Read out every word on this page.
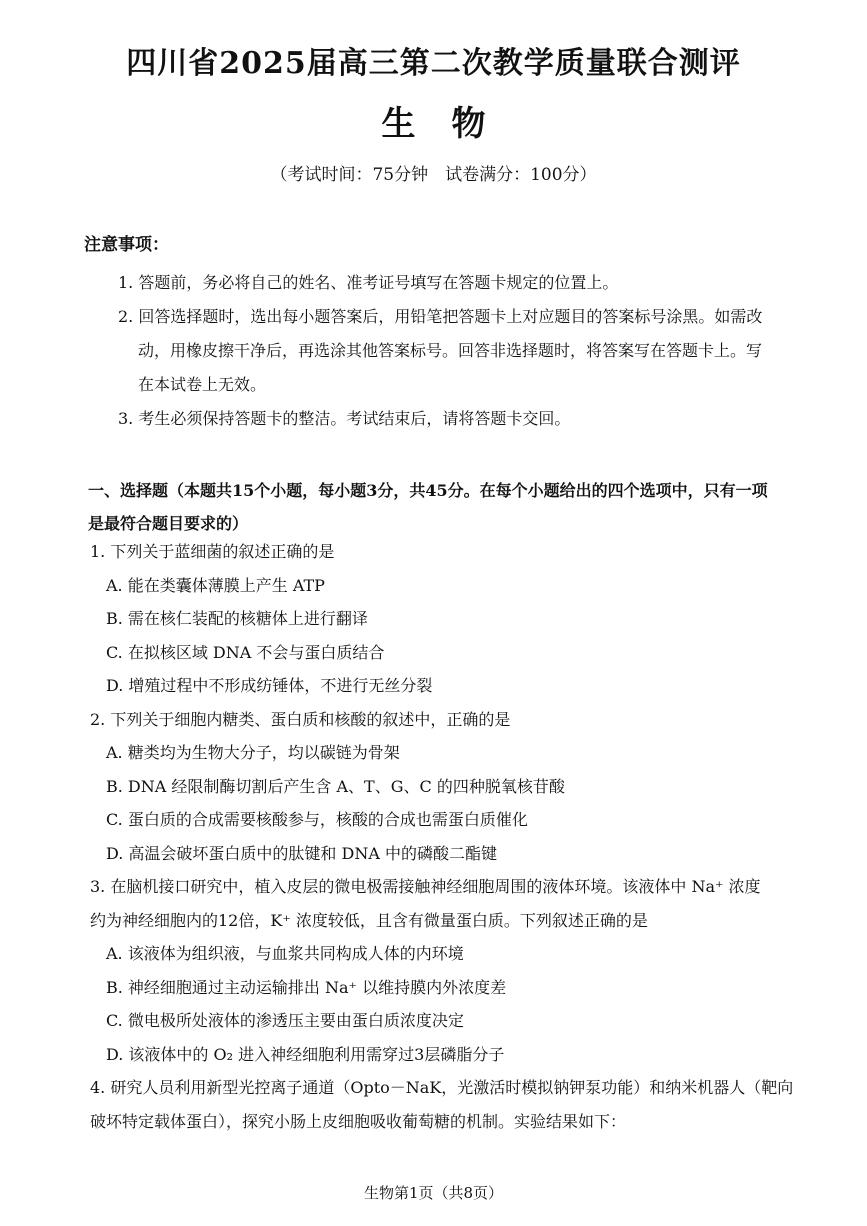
四川省2025届高三第二次教学质量联合测评
生物
（考试时间：75分钟　试卷满分：100分）
注意事项：
1. 答题前，务必将自己的姓名、准考证号填写在答题卡规定的位置上。
2. 回答选择题时，选出每小题答案后，用铅笔把答题卡上对应题目的答案标号涂黑。如需改
动，用橡皮擦干净后，再选涂其他答案标号。回答非选择题时，将答案写在答题卡上。写
在本试卷上无效。
3. 考生必须保持答题卡的整洁。考试结束后，请将答题卡交回。
一、选择题（本题共15个小题，每小题3分，共45分。在每个小题给出的四个选项中，只有一项
是最符合题目要求的）
1. 下列关于蓝细菌的叙述正确的是
A. 能在类囊体薄膜上产生 ATP
B. 需在核仁装配的核糖体上进行翻译
C. 在拟核区域 DNA 不会与蛋白质结合
D. 增殖过程中不形成纺锤体，不进行无丝分裂
2. 下列关于细胞内糖类、蛋白质和核酸的叙述中，正确的是
A. 糖类均为生物大分子，均以碳链为骨架
B. DNA 经限制酶切割后产生含 A、T、G、C 的四种脱氧核苷酸
C. 蛋白质的合成需要核酸参与，核酸的合成也需蛋白质催化
D. 高温会破坏蛋白质中的肽键和 DNA 中的磷酸二酯键
3. 在脑机接口研究中，植入皮层的微电极需接触神经细胞周围的液体环境。该液体中 Na⁺ 浓度
约为神经细胞内的12倍，K⁺ 浓度较低，且含有微量蛋白质。下列叙述正确的是
A. 该液体为组织液，与血浆共同构成人体的内环境
B. 神经细胞通过主动运输排出 Na⁺ 以维持膜内外浓度差
C. 微电极所处液体的渗透压主要由蛋白质浓度决定
D. 该液体中的 O₂ 进入神经细胞利用需穿过3层磷脂分子
4. 研究人员利用新型光控离子通道（Opto－NaK，光激活时模拟钠钾泵功能）和纳米机器人（靶向
破坏特定载体蛋白），探究小肠上皮细胞吸收葡萄糖的机制。实验结果如下：
生物第1页（共8页）
